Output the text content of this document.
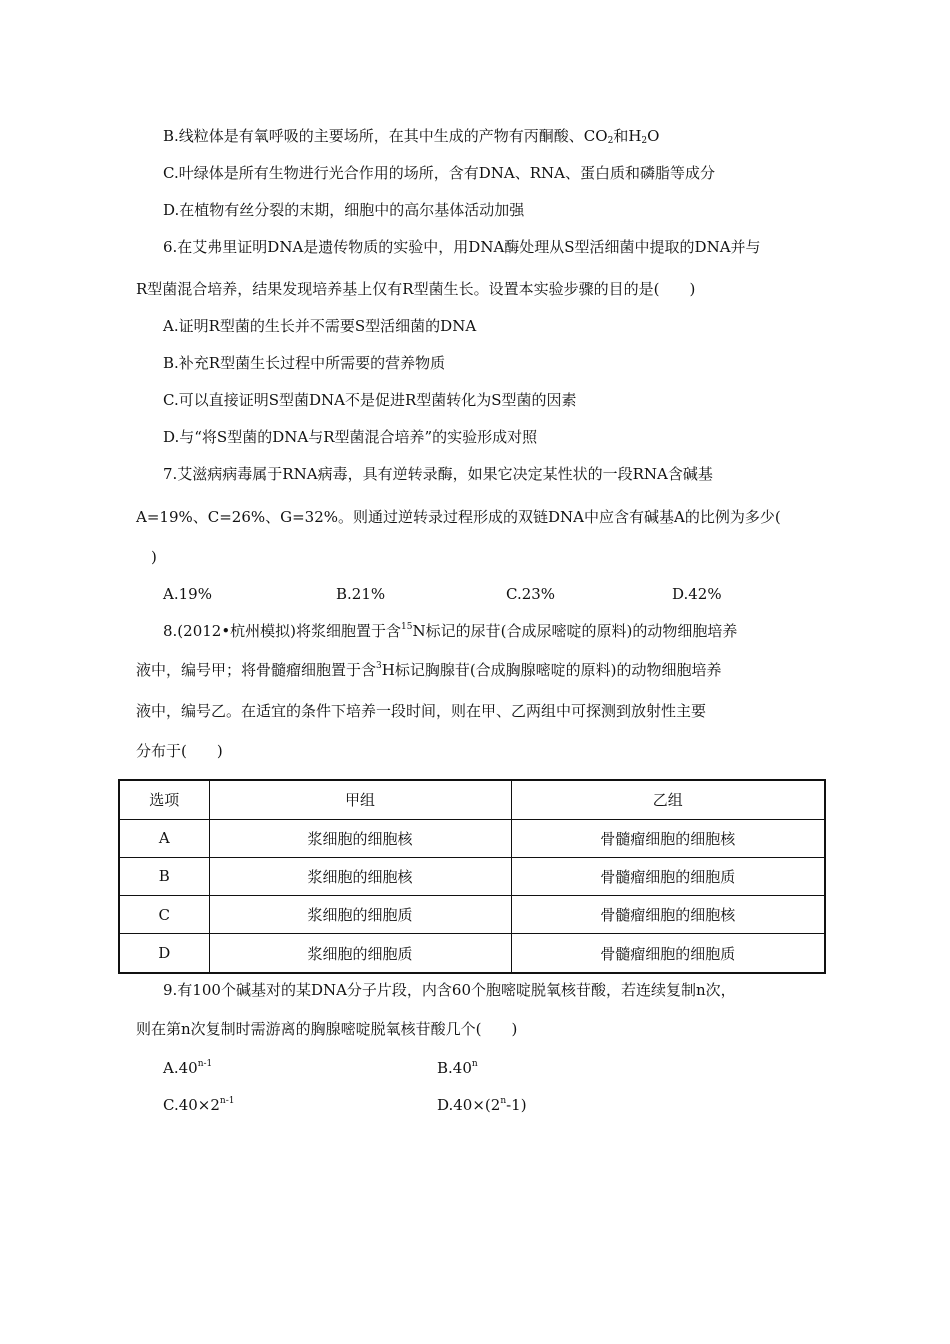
B.线粒体是有氧呼吸的主要场所，在其中生成的产物有丙酮酸、$CO_2$和$H_2O$
C.叶绿体是所有生物进行光合作用的场所，含有DNA、RNA、蛋白质和磷脂等成分
D.在植物有丝分裂的末期，细胞中的高尔基体活动加强
6.在艾弗里证明DNA是遗传物质的实验中，用DNA酶处理从S型活细菌中提取的DNA并与
R型菌混合培养，结果发现培养基上仅有R型菌生长。设置本实验步骤的目的是(　　)
A.证明R型菌的生长并不需要S型活细菌的DNA
B.补充R型菌生长过程中所需要的营养物质
C.可以直接证明S型菌DNA不是促进R型菌转化为S型菌的因素
D.与“将S型菌的DNA与R型菌混合培养”的实验形成对照
7.艾滋病病毒属于RNA病毒，具有逆转录酶，如果它决定某性状的一段RNA含碱基
A=19%、C=26%、G=32%。则通过逆转录过程形成的双链DNA中应含有碱基A的比例为多少(
　)
A.19%	B.21%	C.23%	D.42%
8.(2012•杭州模拟)将浆细胞置于含$^{15}$N标记的尿苷(合成尿嘧啶的原料)的动物细胞培养
液中，编号甲；将骨髓瘤细胞置于含$^3$H标记胸腺苷(合成胸腺嘧啶的原料)的动物细胞培养
液中，编号乙。在适宜的条件下培养一段时间，则在甲、乙两组中可探测到放射性主要
分布于(　　)
选项	甲组	乙组
A	浆细胞的细胞核	骨髓瘤细胞的细胞核
B	浆细胞的细胞核	骨髓瘤细胞的细胞质
C	浆细胞的细胞质	骨髓瘤细胞的细胞核
D	浆细胞的细胞质	骨髓瘤细胞的细胞质
9.有100个碱基对的某DNA分子片段，内含60个胞嘧啶脱氧核苷酸，若连续复制n次，
则在第n次复制时需游离的胸腺嘧啶脱氧核苷酸几个(　　)
A.40$^{n-1}$	B.40$^n$
$C.40\times 2^{n-1}$	$D.40\times(2^n-1)$
